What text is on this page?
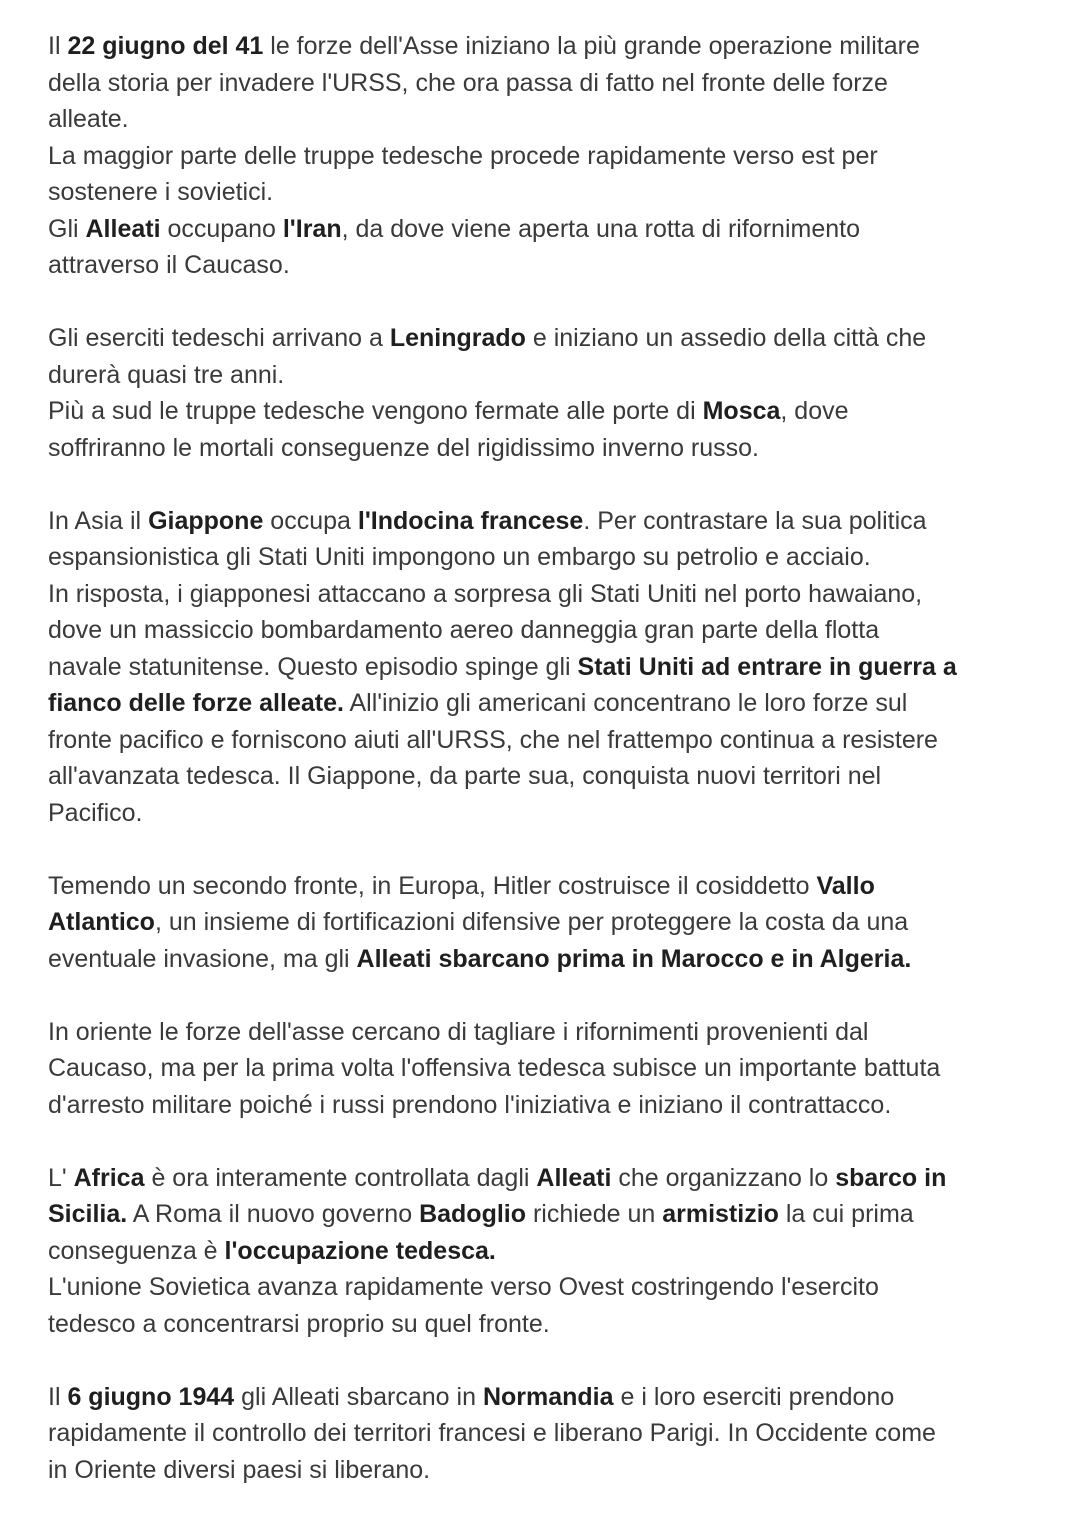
Il 22 giugno del 41 le forze dell'Asse iniziano la più grande operazione militare
della storia per invadere l'URSS, che ora passa di fatto nel fronte delle forze
alleate.
La maggior parte delle truppe tedesche procede rapidamente verso est per
sostenere i sovietici.
Gli Alleati occupano l'Iran, da dove viene aperta una rotta di rifornimento
attraverso il Caucaso.

Gli eserciti tedeschi arrivano a Leningrado e iniziano un assedio della città che
durerà quasi tre anni.
Più a sud le truppe tedesche vengono fermate alle porte di Mosca, dove
soffriranno le mortali conseguenze del rigidissimo inverno russo.

In Asia il Giappone occupa l'Indocina francese. Per contrastare la sua politica
espansionistica gli Stati Uniti impongono un embargo su petrolio e acciaio.
In risposta, i giapponesi attaccano a sorpresa gli Stati Uniti nel porto hawaiano,
dove un massiccio bombardamento aereo danneggia gran parte della flotta
navale statunitense. Questo episodio spinge gli Stati Uniti ad entrare in guerra a
fianco delle forze alleate. All'inizio gli americani concentrano le loro forze sul
fronte pacifico e forniscono aiuti all'URSS, che nel frattempo continua a resistere
all'avanzata tedesca. Il Giappone, da parte sua, conquista nuovi territori nel
Pacifico.

Temendo un secondo fronte, in Europa, Hitler costruisce il cosiddetto Vallo
Atlantico, un insieme di fortificazioni difensive per proteggere la costa da una
eventuale invasione, ma gli Alleati sbarcano prima in Marocco e in Algeria.

In oriente le forze dell'asse cercano di tagliare i rifornimenti provenienti dal
Caucaso, ma per la prima volta l'offensiva tedesca subisce un importante battuta
d'arresto militare poiché i russi prendono l'iniziativa e iniziano il contrattacco.

L' Africa è ora interamente controllata dagli Alleati che organizzano lo sbarco in
Sicilia. A Roma il nuovo governo Badoglio richiede un armistizio la cui prima
conseguenza è l'occupazione tedesca.
L'unione Sovietica avanza rapidamente verso Ovest costringendo l'esercito
tedesco a concentrarsi proprio su quel fronte.

Il 6 giugno 1944 gli Alleati sbarcano in Normandia e i loro eserciti prendono
rapidamente il controllo dei territori francesi e liberano Parigi. In Occidente come
in Oriente diversi paesi si liberano.
